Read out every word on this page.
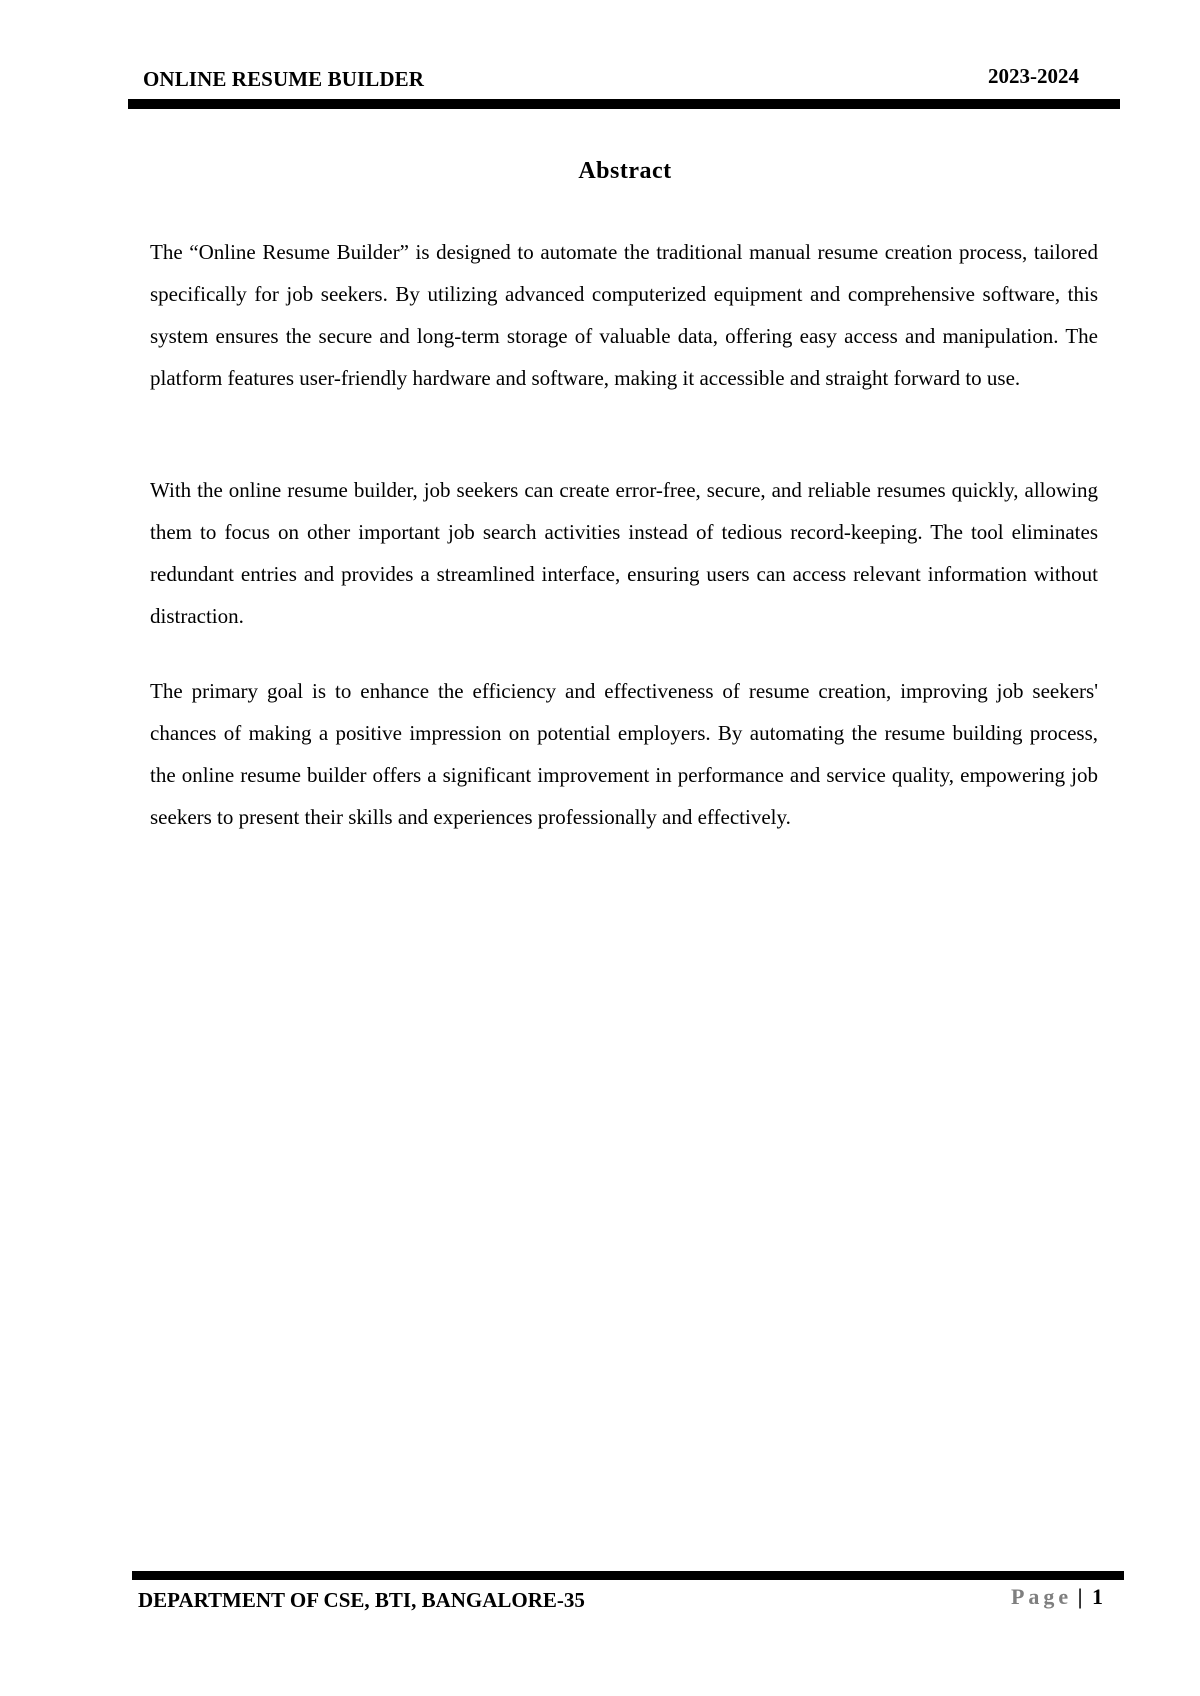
ONLINE RESUME BUILDER	2023-2024
Abstract

The “Online Resume Builder” is designed to automate the traditional manual resume creation process, tailored specifically for job seekers. By utilizing advanced computerized equipment and comprehensive software, this system ensures the secure and long-term storage of valuable data, offering easy access and manipulation. The platform features user-friendly hardware and software, making it accessible and straight forward to use.

With the online resume builder, job seekers can create error-free, secure, and reliable resumes quickly, allowing them to focus on other important job search activities instead of tedious record-keeping. The tool eliminates redundant entries and provides a streamlined interface, ensuring users can access relevant information without distraction.

The primary goal is to enhance the efficiency and effectiveness of resume creation, improving job seekers' chances of making a positive impression on potential employers. By automating the resume building process, the online resume builder offers a significant improvement in performance and service quality, empowering job seekers to present their skills and experiences professionally and effectively.

DEPARTMENT OF CSE, BTI, BANGALORE-35	Page | 1
